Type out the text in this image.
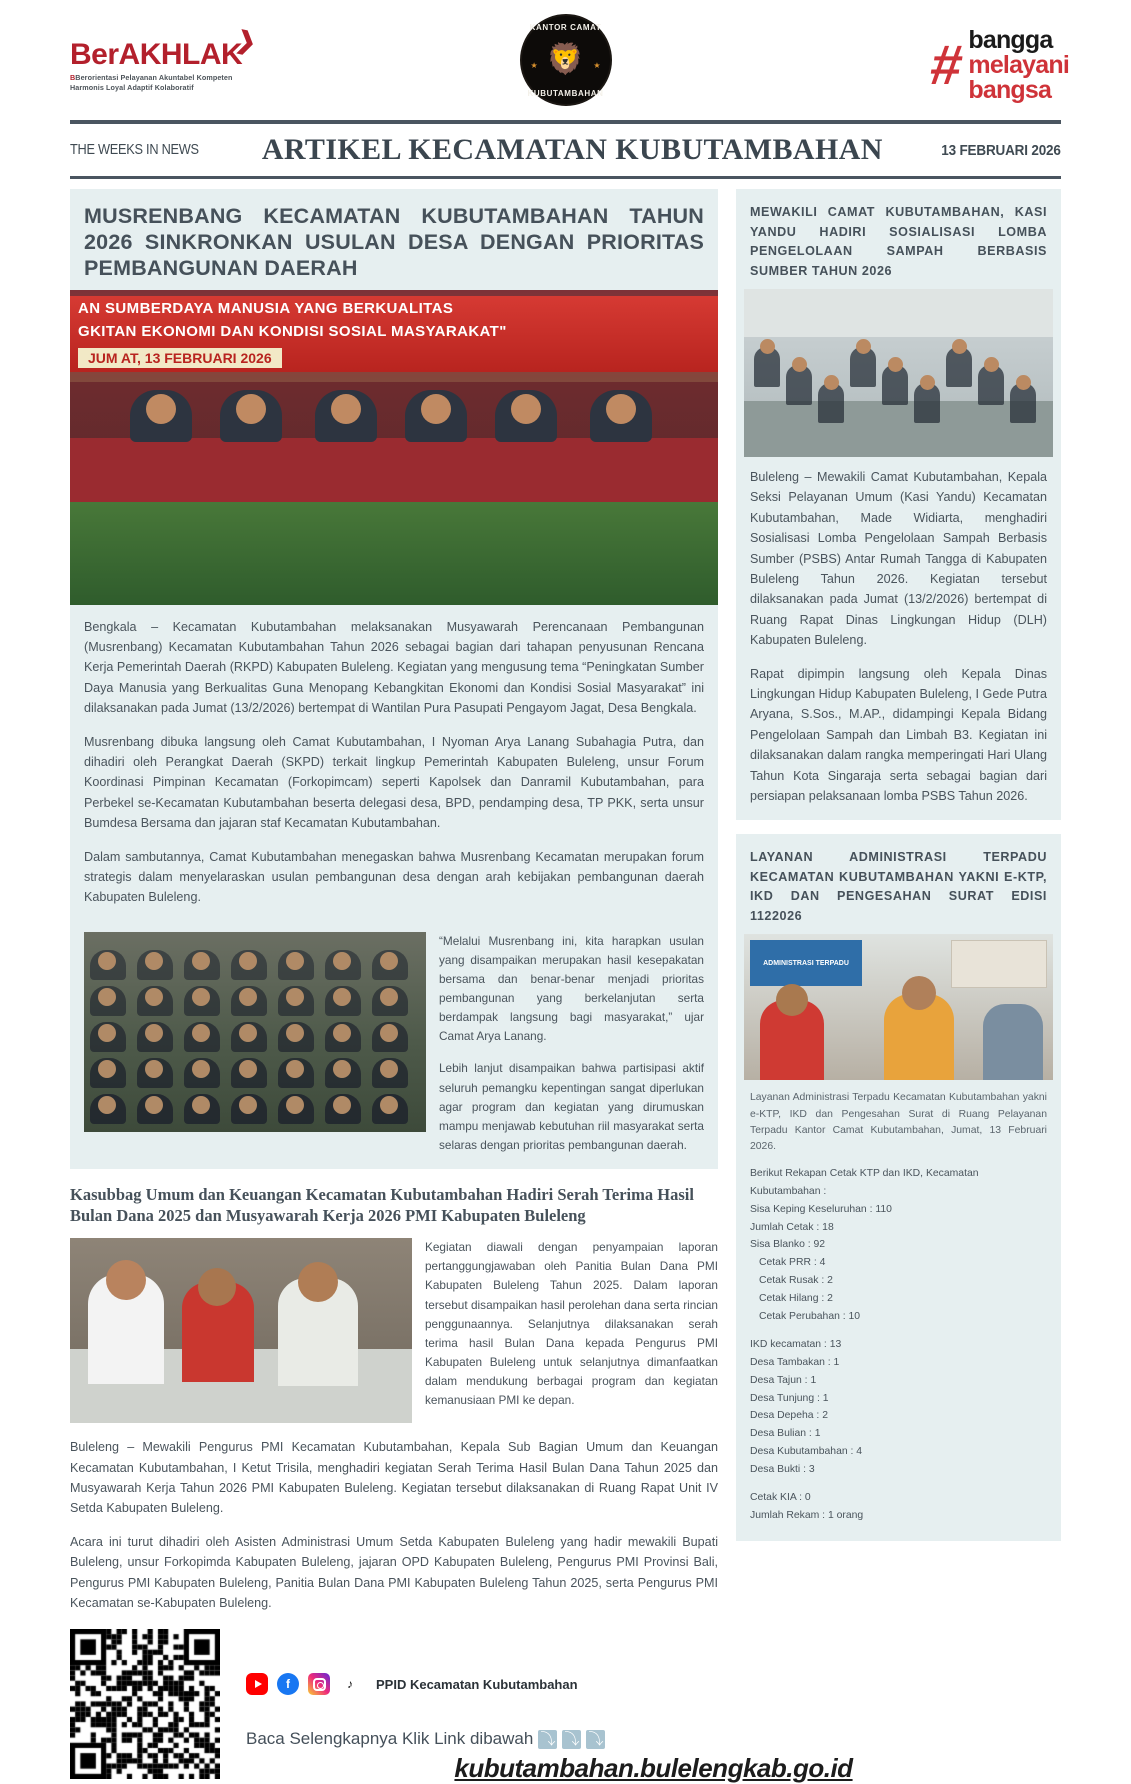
BerAKHLAK
❯
BBerorientasi Pelayanan Akuntabel Kompeten
Harmonis Loyal Adaptif Kolaboratif
KANTOR CAMAT
★	★
🦁
KUBUTAMBAHAN	# bangga
melayani
bangsa
THE WEEKS IN NEWS	ARTIKEL KECAMATAN KUBUTAMBAHAN	13 FEBRUARI 2026
MUSRENBANG KECAMATAN KUBUTAMBAHAN TAHUN 2026 SINKRONKAN USULAN DESA DENGAN PRIORITAS PEMBANGUNAN DAERAH
AN SUMBERDAYA MANUSIA YANG BERKUALITAS
GKITAN EKONOMI DAN KONDISI SOSIAL MASYARAKAT"
JUM AT, 13 FEBRUARI 2026

Bengkala – Kecamatan Kubutambahan melaksanakan Musyawarah Perencanaan Pembangunan (Musrenbang) Kecamatan Kubutambahan Tahun 2026 sebagai bagian dari tahapan penyusunan Rencana Kerja Pemerintah Daerah (RKPD) Kabupaten Buleleng. Kegiatan yang mengusung tema “Peningkatan Sumber Daya Manusia yang Berkualitas Guna Menopang Kebangkitan Ekonomi dan Kondisi Sosial Masyarakat” ini dilaksanakan pada Jumat (13/2/2026) bertempat di Wantilan Pura Pasupati Pengayom Jagat, Desa Bengkala.

Musrenbang dibuka langsung oleh Camat Kubutambahan, I Nyoman Arya Lanang Subahagia Putra, dan dihadiri oleh Perangkat Daerah (SKPD) terkait lingkup Pemerintah Kabupaten Buleleng, unsur Forum Koordinasi Pimpinan Kecamatan (Forkopimcam) seperti Kapolsek dan Danramil Kubutambahan, para Perbekel se-Kecamatan Kubutambahan beserta delegasi desa, BPD, pendamping desa, TP PKK, serta unsur Bumdesa Bersama dan jajaran staf Kecamatan Kubutambahan.

Dalam sambutannya, Camat Kubutambahan menegaskan bahwa Musrenbang Kecamatan merupakan forum strategis dalam menyelaraskan usulan pembangunan desa dengan arah kebijakan pembangunan daerah Kabupaten Buleleng.

“Melalui Musrenbang ini, kita harapkan usulan yang disampaikan merupakan hasil kesepakatan bersama dan benar-benar menjadi prioritas pembangunan yang berkelanjutan serta berdampak langsung bagi masyarakat,” ujar Camat Arya Lanang.

Lebih lanjut disampaikan bahwa partisipasi aktif seluruh pemangku kepentingan sangat diperlukan agar program dan kegiatan yang dirumuskan mampu menjawab kebutuhan riil masyarakat serta selaras dengan prioritas pembangunan daerah.

Kasubbag Umum dan Keuangan Kecamatan Kubutambahan Hadiri Serah Terima Hasil Bulan Dana 2025 dan Musyawarah Kerja 2026 PMI Kabupaten Buleleng

Kegiatan diawali dengan penyampaian laporan pertanggungjawaban oleh Panitia Bulan Dana PMI Kabupaten Buleleng Tahun 2025. Dalam laporan tersebut disampaikan hasil perolehan dana serta rincian penggunaannya. Selanjutnya dilaksanakan serah terima hasil Bulan Dana kepada Pengurus PMI Kabupaten Buleleng untuk selanjutnya dimanfaatkan dalam mendukung berbagai program dan kegiatan kemanusiaan PMI ke depan.

Buleleng – Mewakili Pengurus PMI Kecamatan Kubutambahan, Kepala Sub Bagian Umum dan Keuangan Kecamatan Kubutambahan, I Ketut Trisila, menghadiri kegiatan Serah Terima Hasil Bulan Dana Tahun 2025 dan Musyawarah Kerja Tahun 2026 PMI Kabupaten Buleleng. Kegiatan tersebut dilaksanakan di Ruang Rapat Unit IV Setda Kabupaten Buleleng.

Acara ini turut dihadiri oleh Asisten Administrasi Umum Setda Kabupaten Buleleng yang hadir mewakili Bupati Buleleng, unsur Forkopimda Kabupaten Buleleng, jajaran OPD Kabupaten Buleleng, Pengurus PMI Provinsi Bali, Pengurus PMI Kabupaten Buleleng, Panitia Bulan Dana PMI Kabupaten Buleleng Tahun 2025, serta Pengurus PMI Kecamatan se-Kabupaten Buleleng.

MEWAKILI CAMAT KUBUTAMBAHAN, KASI YANDU HADIRI SOSIALISASI LOMBA PENGELOLAAN SAMPAH BERBASIS SUMBER TAHUN 2026

Buleleng – Mewakili Camat Kubutambahan, Kepala Seksi Pelayanan Umum (Kasi Yandu) Kecamatan Kubutambahan, Made Widiarta, menghadiri Sosialisasi Lomba Pengelolaan Sampah Berbasis Sumber (PSBS) Antar Rumah Tangga di Kabupaten Buleleng Tahun 2026. Kegiatan tersebut dilaksanakan pada Jumat (13/2/2026) bertempat di Ruang Rapat Dinas Lingkungan Hidup (DLH) Kabupaten Buleleng.

Rapat dipimpin langsung oleh Kepala Dinas Lingkungan Hidup Kabupaten Buleleng, I Gede Putra Aryana, S.Sos., M.AP., didampingi Kepala Bidang Pengelolaan Sampah dan Limbah B3. Kegiatan ini dilaksanakan dalam rangka memperingati Hari Ulang Tahun Kota Singaraja serta sebagai bagian dari persiapan pelaksanaan lomba PSBS Tahun 2026.

LAYANAN ADMINISTRASI TERPADU KECAMATAN KUBUTAMBAHAN YAKNI E-KTP, IKD DAN PENGESAHAN SURAT EDISI 1122026
ADMINISTRASI TERPADU

Layanan Administrasi Terpadu Kecamatan Kubutambahan yakni e-KTP, IKD dan Pengesahan Surat di Ruang Pelayanan Terpadu Kantor Camat Kubutambahan, Jumat, 13 Februari 2026.

Berikut Rekapan Cetak KTP dan IKD, Kecamatan Kubutambahan :
Sisa Keping Keseluruhan : 110
Jumlah Cetak : 18
Sisa Blanko : 92
Cetak PRR : 4
Cetak Rusak : 2
Cetak Hilang : 2
Cetak Perubahan : 10
IKD kecamatan : 13
Desa Tambakan : 1
Desa Tajun : 1
Desa Tunjung : 1
Desa Depeha : 2
Desa Bulian : 1
Desa Kubutambahan : 4
Desa Bukti : 3
Cetak KIA : 0
Jumlah Rekam : 1 orang
f	♪	PPID Kecamatan Kubutambahan
Baca Selengkapnya Klik Link dibawah ⤵ ⤵ ⤵
kubutambahan.bulelengkab.go.id
